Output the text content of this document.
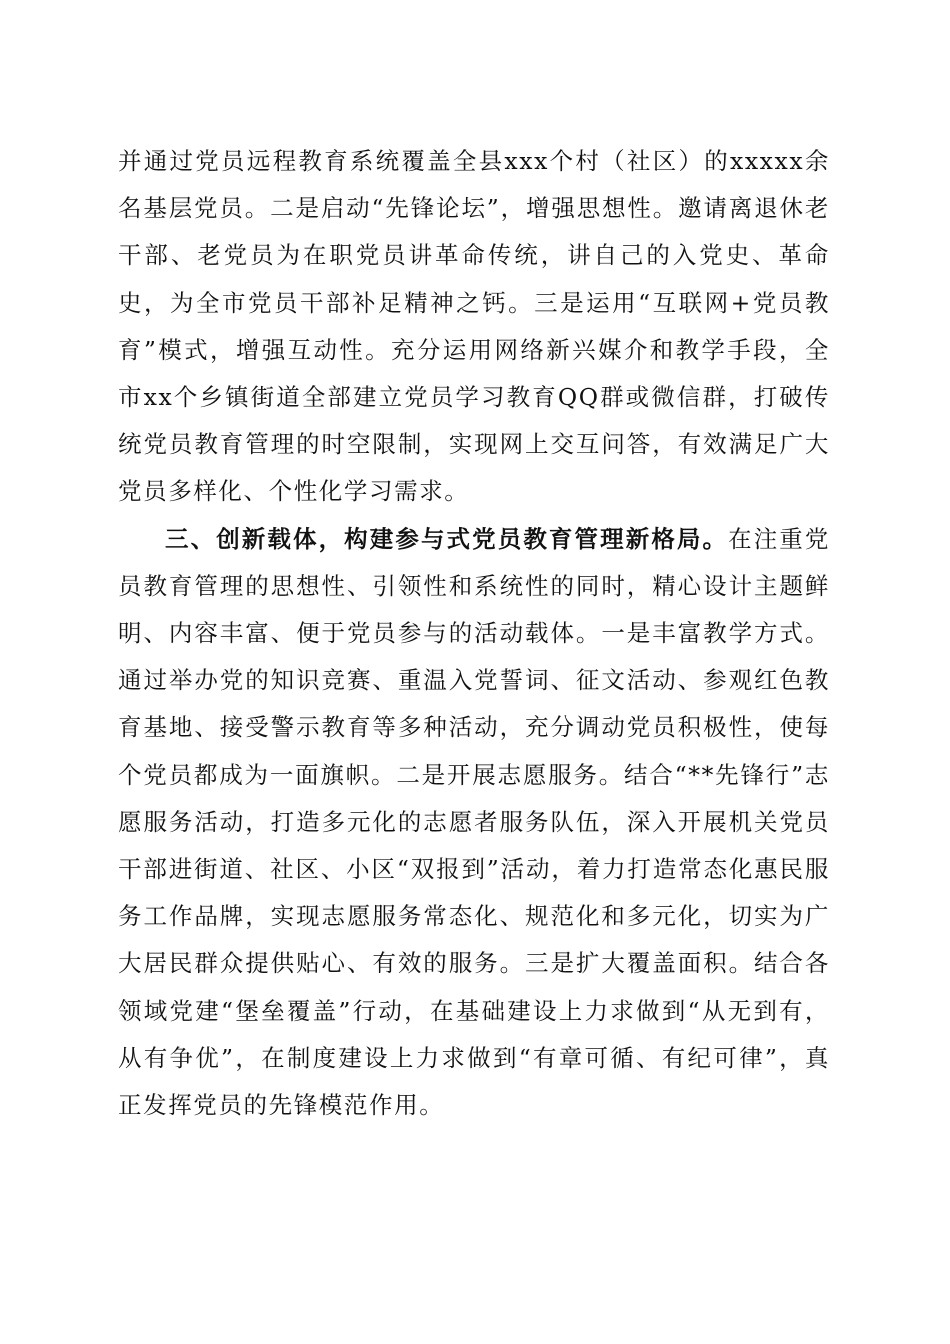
并通过党员远程教育系统覆盖全县xxx个村（社区）的xxxxx余名基层党员。二是启动“先锋论坛”，增强思想性。邀请离退休老干部、老党员为在职党员讲革命传统，讲自己的入党史、革命史，为全市党员干部补足精神之钙。三是运用“互联网+党员教育”模式，增强互动性。充分运用网络新兴媒介和教学手段，全市xx个乡镇街道全部建立党员学习教育QQ群或微信群，打破传统党员教育管理的时空限制，实现网上交互问答，有效满足广大党员多样化、个性化学习需求。

三、创新载体，构建参与式党员教育管理新格局。在注重党员教育管理的思想性、引领性和系统性的同时，精心设计主题鲜明、内容丰富、便于党员参与的活动载体。一是丰富教学方式。通过举办党的知识竞赛、重温入党誓词、征文活动、参观红色教育基地、接受警示教育等多种活动，充分调动党员积极性，使每个党员都成为一面旗帜。二是开展志愿服务。结合“**先锋行”志愿服务活动，打造多元化的志愿者服务队伍，深入开展机关党员干部进街道、社区、小区“双报到”活动，着力打造常态化惠民服务工作品牌，实现志愿服务常态化、规范化和多元化，切实为广大居民群众提供贴心、有效的服务。三是扩大覆盖面积。结合各领域党建“堡垒覆盖”行动，在基础建设上力求做到“从无到有，从有争优”，在制度建设上力求做到“有章可循、有纪可律”，真正发挥党员的先锋模范作用。
